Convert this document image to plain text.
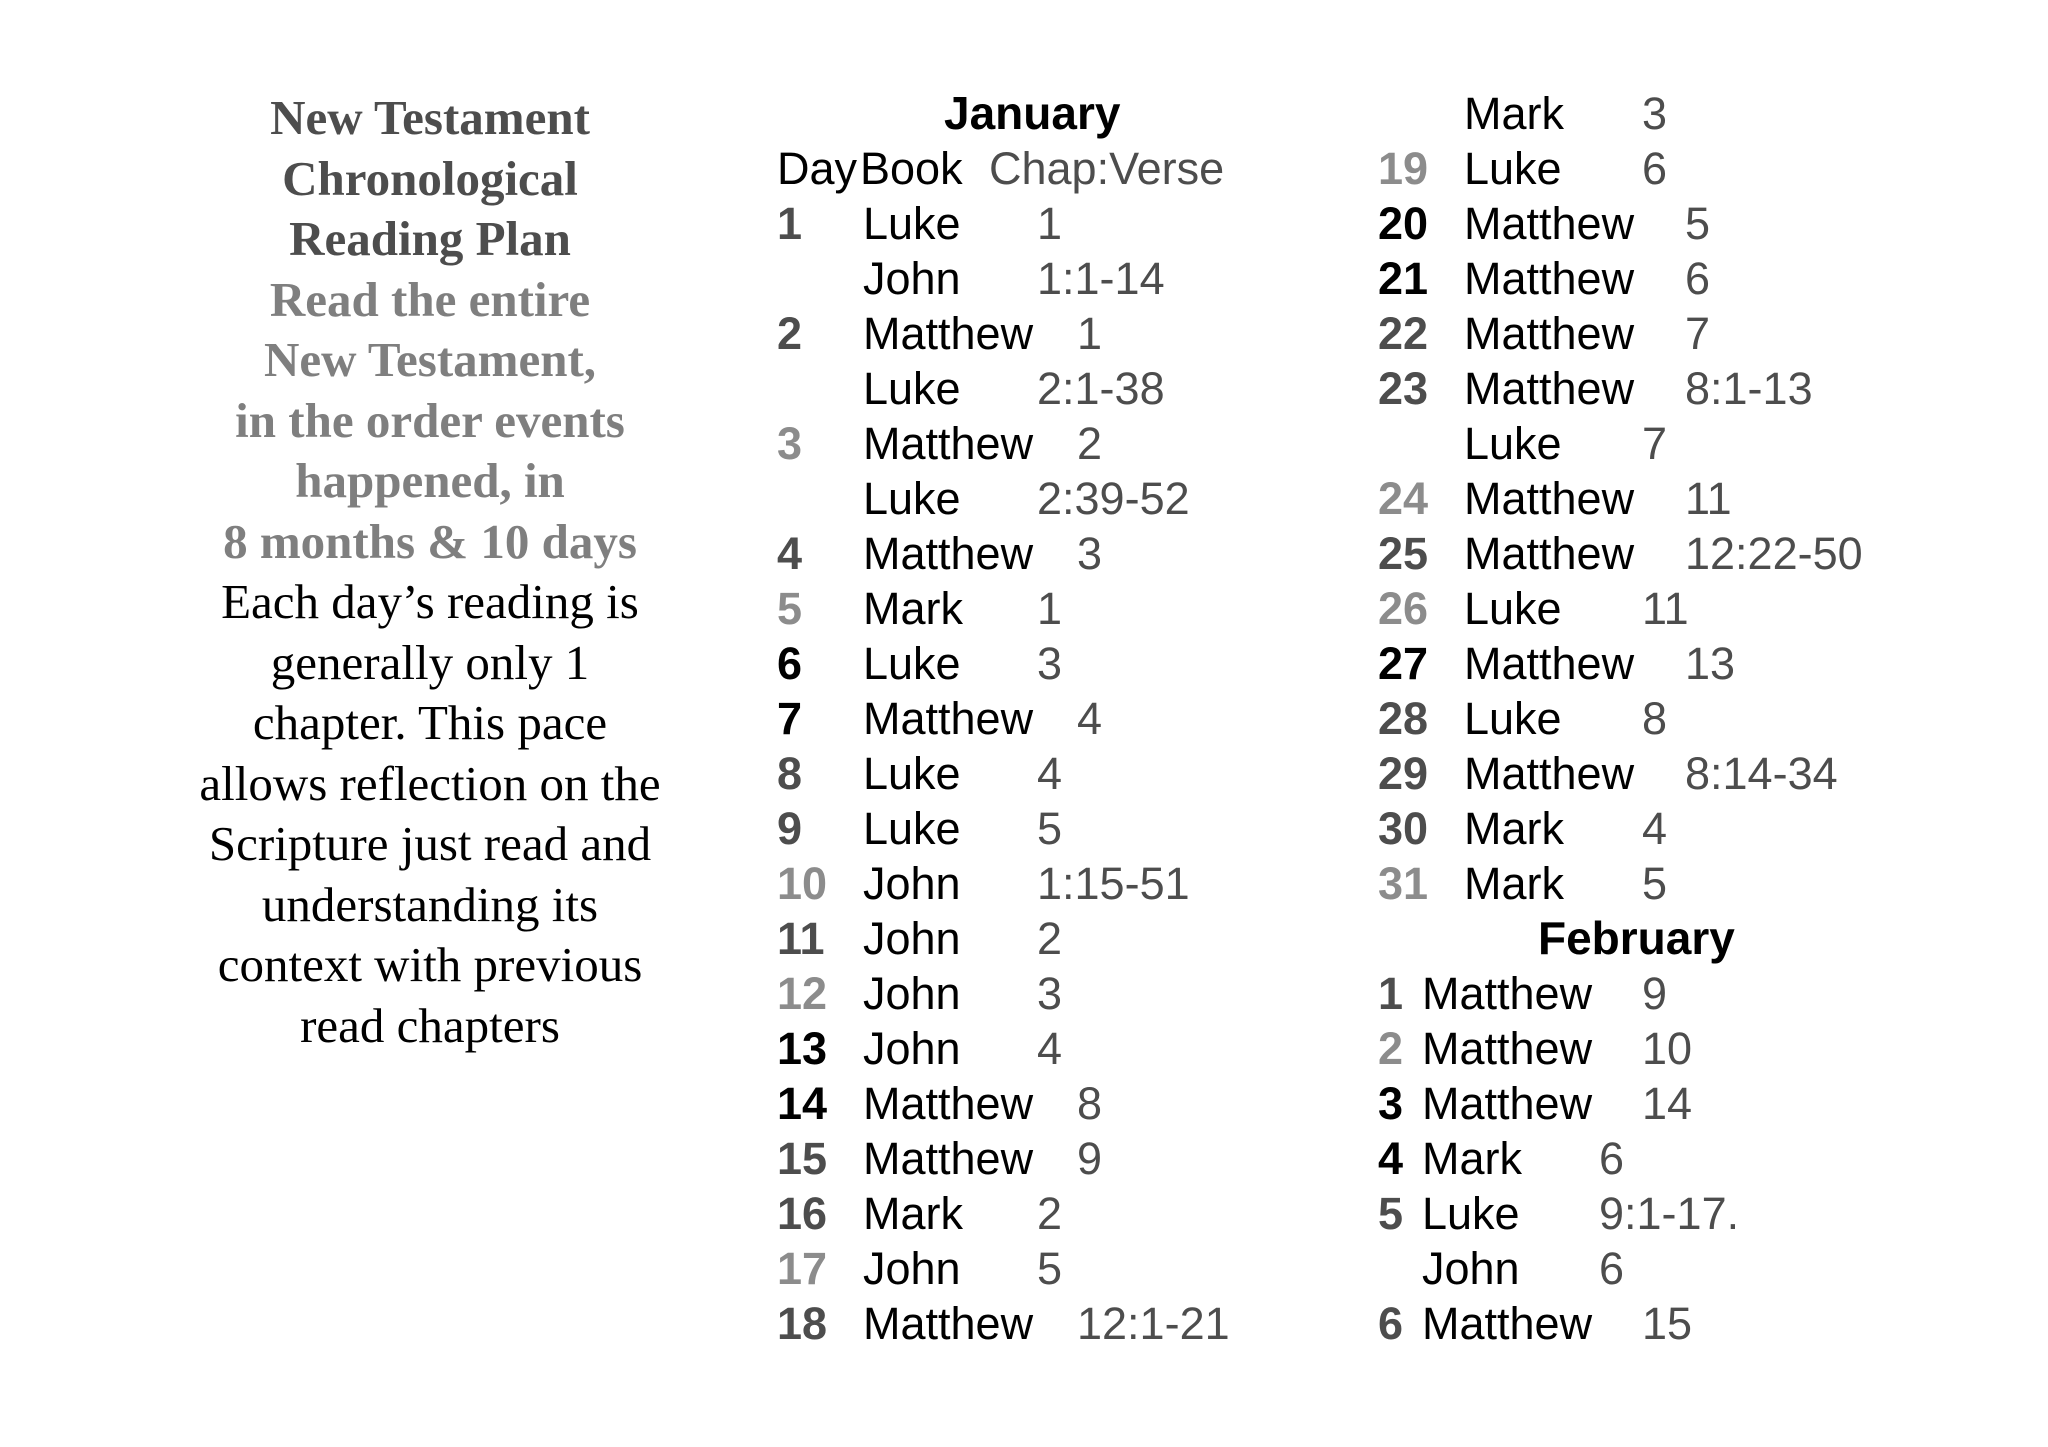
New Testament
Chronological
Reading Plan
Read the entire
New Testament,
in the order events
happened, in
8 months & 10 days
Each day’s reading is
generally only 1
chapter. This pace
allows reflection on the
Scripture just read and
understanding its
context with previous
read chapters
January
Day Book Chap:Verse
1 Luke 1
John 1:1-14
2 Matthew 1
Luke 2:1-38
3 Matthew 2
Luke 2:39-52
4 Matthew 3
5 Mark 1
6 Luke 3
7 Matthew 4
8 Luke 4
9 Luke 5
10 John 1:15-51
11 John 2
12 John 3
13 John 4
14 Matthew 8
15 Matthew 9
16 Mark 2
17 John 5
18 Matthew 12:1-21
Mark 3
19 Luke 6
20 Matthew 5
21 Matthew 6
22 Matthew 7
23 Matthew 8:1-13
Luke 7
24 Matthew 11
25 Matthew 12:22-50
26 Luke 11
27 Matthew 13
28 Luke 8
29 Matthew 8:14-34
30 Mark 4
31 Mark 5
February
1 Matthew 9
2 Matthew 10
3 Matthew 14
4 Mark 6
5 Luke 9:1-17.
John 6
6 Matthew 15
